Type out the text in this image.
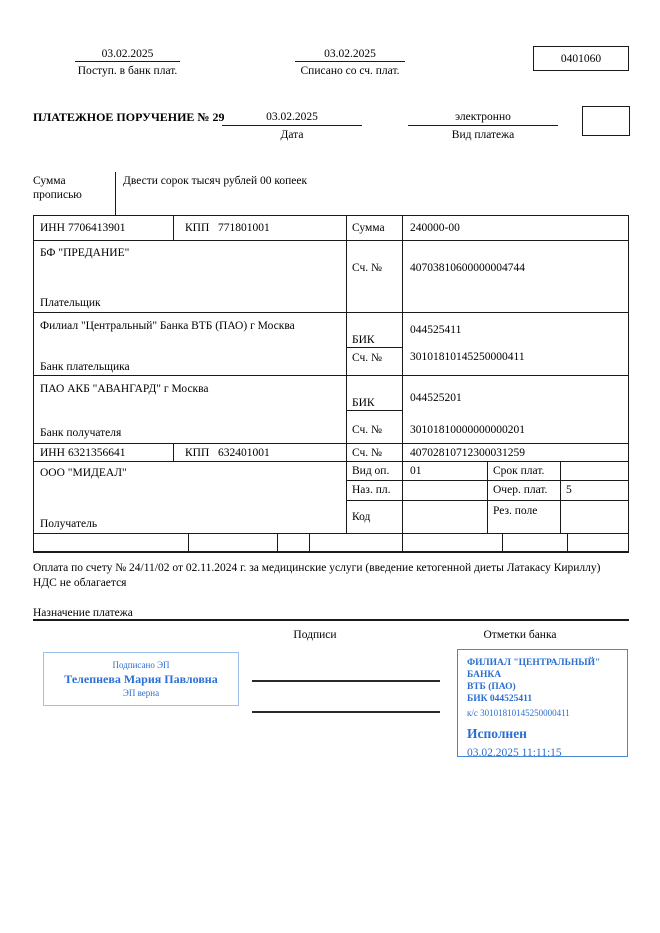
03.02.2025
Поступ. в банк плат.
03.02.2025
Списано со сч. плат.
0401060
ПЛАТЕЖНОЕ ПОРУЧЕНИЕ № 29	03.02.2025
Дата
электронно
Вид платежа
Сумма
прописью
Двести сорок тысяч рублей 00 копеек
ИНН 7706413901	КПП 771801001	Сумма 240000-00
БФ "ПРЕДАНИЕ"
Сч. № 40703810600000004744
Плательщик
Филиал "Центральный" Банка ВТБ (ПАО) г Москва
БИК
044525411
Сч. № 30101810145250000411
Банк плательщика
ПАО АКБ "АВАНГАРД" г Москва
БИК	044525201
Сч. № 30101810000000000201
Банк получателя
ИНН 6321356641	КПП 632401001	Сч. № 40702810712300031259
ООО "МИДЕАЛ"
Получатель
Вид оп. 01	Срок плат.
Наз. пл.	Очер. плат. 5
Код	Рез. поле
Оплата по счету № 24/11/02 от 02.11.2024 г. за медицинские услуги (введение кетогенной диеты Латакасу Кириллу)
НДС не облагается
Назначение платежа
Подписи	Отметки банка
Подписано ЭП
Телепнева Мария Павловна
ЭП верна
ФИЛИАЛ "ЦЕНТРАЛЬНЫЙ" БАНКА
ВТБ (ПАО)
БИК 044525411
к/с 30101810145250000411
Исполнен
03.02.2025 11:11:15
